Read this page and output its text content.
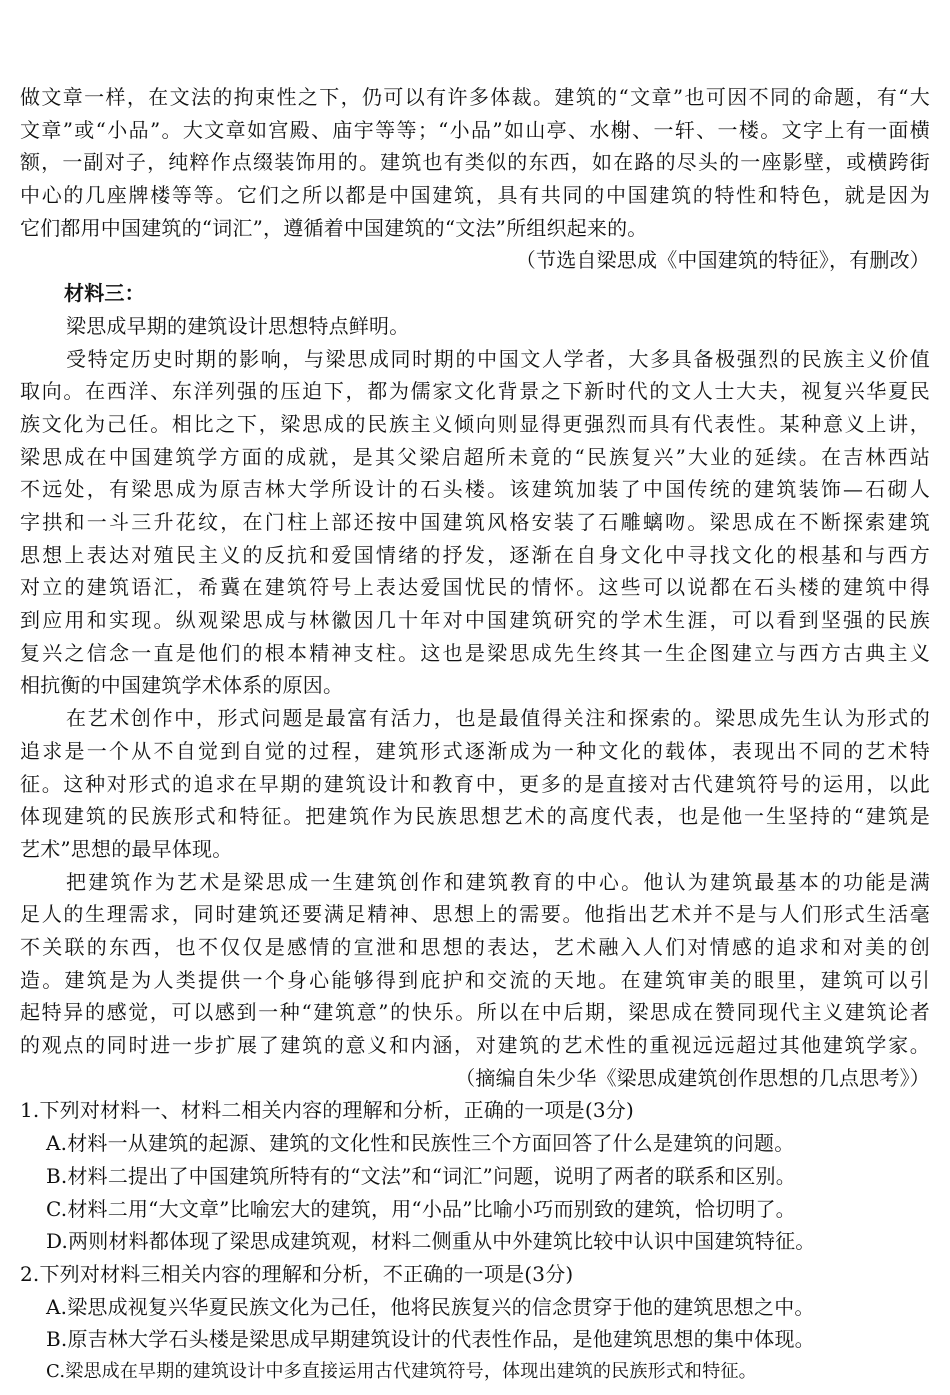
做文章一样，在文法的拘束性之下，仍可以有许多体裁。建筑的“文章”也可因不同的命题，有“大
文章”或“小品”。大文章如宫殿、庙宇等等；“小品”如山亭、水榭、一轩、一楼。文字上有一面横
额，一副对子，纯粹作点缀装饰用的。建筑也有类似的东西，如在路的尽头的一座影壁，或横跨街
中心的几座牌楼等等。它们之所以都是中国建筑，具有共同的中国建筑的特性和特色，就是因为
它们都用中国建筑的“词汇”，遵循着中国建筑的“文法”所组织起来的。
（节选自梁思成《中国建筑的特征》，有删改）
材料三：
梁思成早期的建筑设计思想特点鲜明。
受特定历史时期的影响，与梁思成同时期的中国文人学者，大多具备极强烈的民族主义价值
取向。在西洋、东洋列强的压迫下，都为儒家文化背景之下新时代的文人士大夫，视复兴华夏民
族文化为己任。相比之下，梁思成的民族主义倾向则显得更强烈而具有代表性。某种意义上讲，
梁思成在中国建筑学方面的成就，是其父梁启超所未竟的“民族复兴”大业的延续。在吉林西站
不远处，有梁思成为原吉林大学所设计的石头楼。该建筑加装了中国传统的建筑装饰—石砌人
字拱和一斗三升花纹，在门柱上部还按中国建筑风格安装了石雕螭吻。梁思成在不断探索建筑
思想上表达对殖民主义的反抗和爱国情绪的抒发，逐渐在自身文化中寻找文化的根基和与西方
对立的建筑语汇，希冀在建筑符号上表达爱国忧民的情怀。这些可以说都在石头楼的建筑中得
到应用和实现。纵观梁思成与林徽因几十年对中国建筑研究的学术生涯，可以看到坚强的民族
复兴之信念一直是他们的根本精神支柱。这也是梁思成先生终其一生企图建立与西方古典主义
相抗衡的中国建筑学术体系的原因。
在艺术创作中，形式问题是最富有活力，也是最值得关注和探索的。梁思成先生认为形式的
追求是一个从不自觉到自觉的过程，建筑形式逐渐成为一种文化的载体，表现出不同的艺术特
征。这种对形式的追求在早期的建筑设计和教育中，更多的是直接对古代建筑符号的运用，以此
体现建筑的民族形式和特征。把建筑作为民族思想艺术的高度代表，也是他一生坚持的“建筑是
艺术”思想的最早体现。
把建筑作为艺术是梁思成一生建筑创作和建筑教育的中心。他认为建筑最基本的功能是满
足人的生理需求，同时建筑还要满足精神、思想上的需要。他指出艺术并不是与人们形式生活毫
不关联的东西，也不仅仅是感情的宣泄和思想的表达，艺术融入人们对情感的追求和对美的创
造。建筑是为人类提供一个身心能够得到庇护和交流的天地。在建筑审美的眼里，建筑可以引
起特异的感觉，可以感到一种“建筑意”的快乐。所以在中后期，梁思成在赞同现代主义建筑论者
的观点的同时进一步扩展了建筑的意义和内涵，对建筑的艺术性的重视远远超过其他建筑学家。
（摘编自朱少华《梁思成建筑创作思想的几点思考》）
1.下列对材料一、材料二相关内容的理解和分析，正确的一项是(3分)
A.材料一从建筑的起源、建筑的文化性和民族性三个方面回答了什么是建筑的问题。
B.材料二提出了中国建筑所特有的“文法”和“词汇”问题，说明了两者的联系和区别。
C.材料二用“大文章”比喻宏大的建筑，用“小品”比喻小巧而别致的建筑，恰切明了。
D.两则材料都体现了梁思成建筑观，材料二侧重从中外建筑比较中认识中国建筑特征。
2.下列对材料三相关内容的理解和分析，不正确的一项是(3分)
A.梁思成视复兴华夏民族文化为己任，他将民族复兴的信念贯穿于他的建筑思想之中。
B.原吉林大学石头楼是梁思成早期建筑设计的代表性作品，是他建筑思想的集中体现。
C.梁思成在早期的建筑设计中多直接运用古代建筑符号，体现出建筑的民族形式和特征。
